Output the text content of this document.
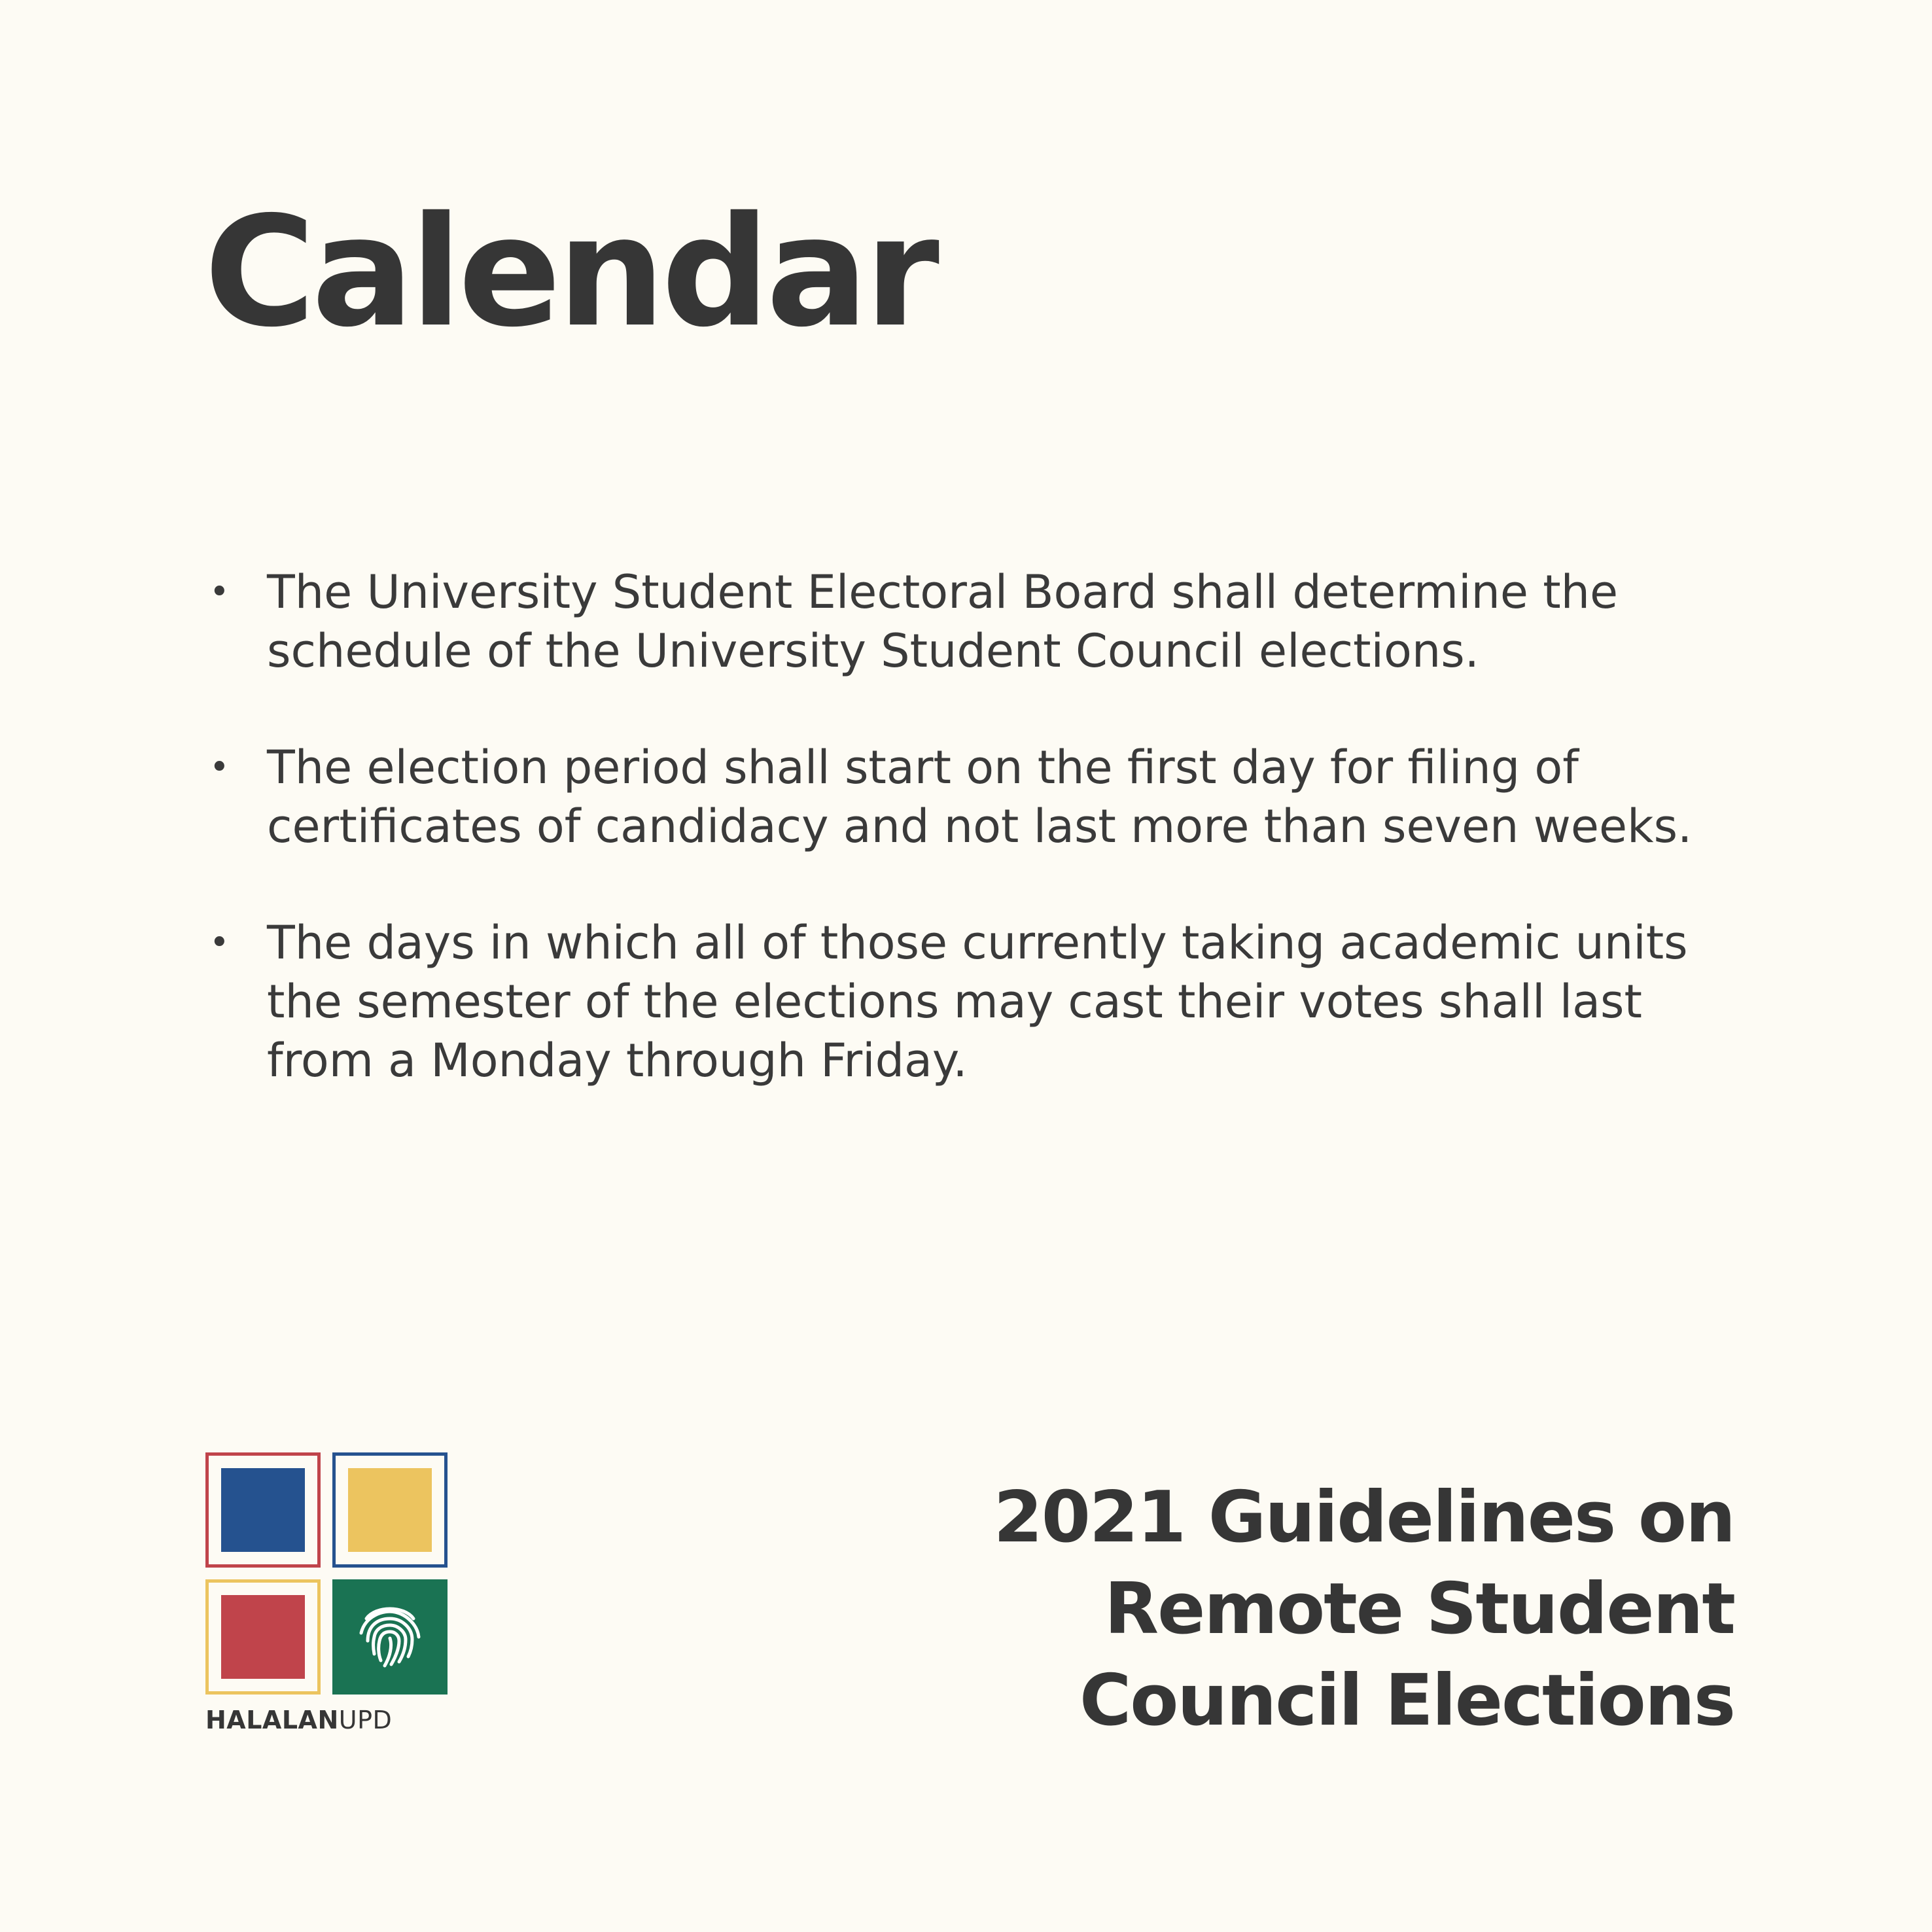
Calendar
• The University Student Electoral Board shall determine the schedule of the University Student Council elections.
• The election period shall start on the first day for filing of certificates of candidacy and not last more than seven weeks.
• The days in which all of those currently taking academic units the semester of the elections may cast their votes shall last from a Monday through Friday.
HALALANUPD
2021 Guidelines on
Remote Student
Council Elections
